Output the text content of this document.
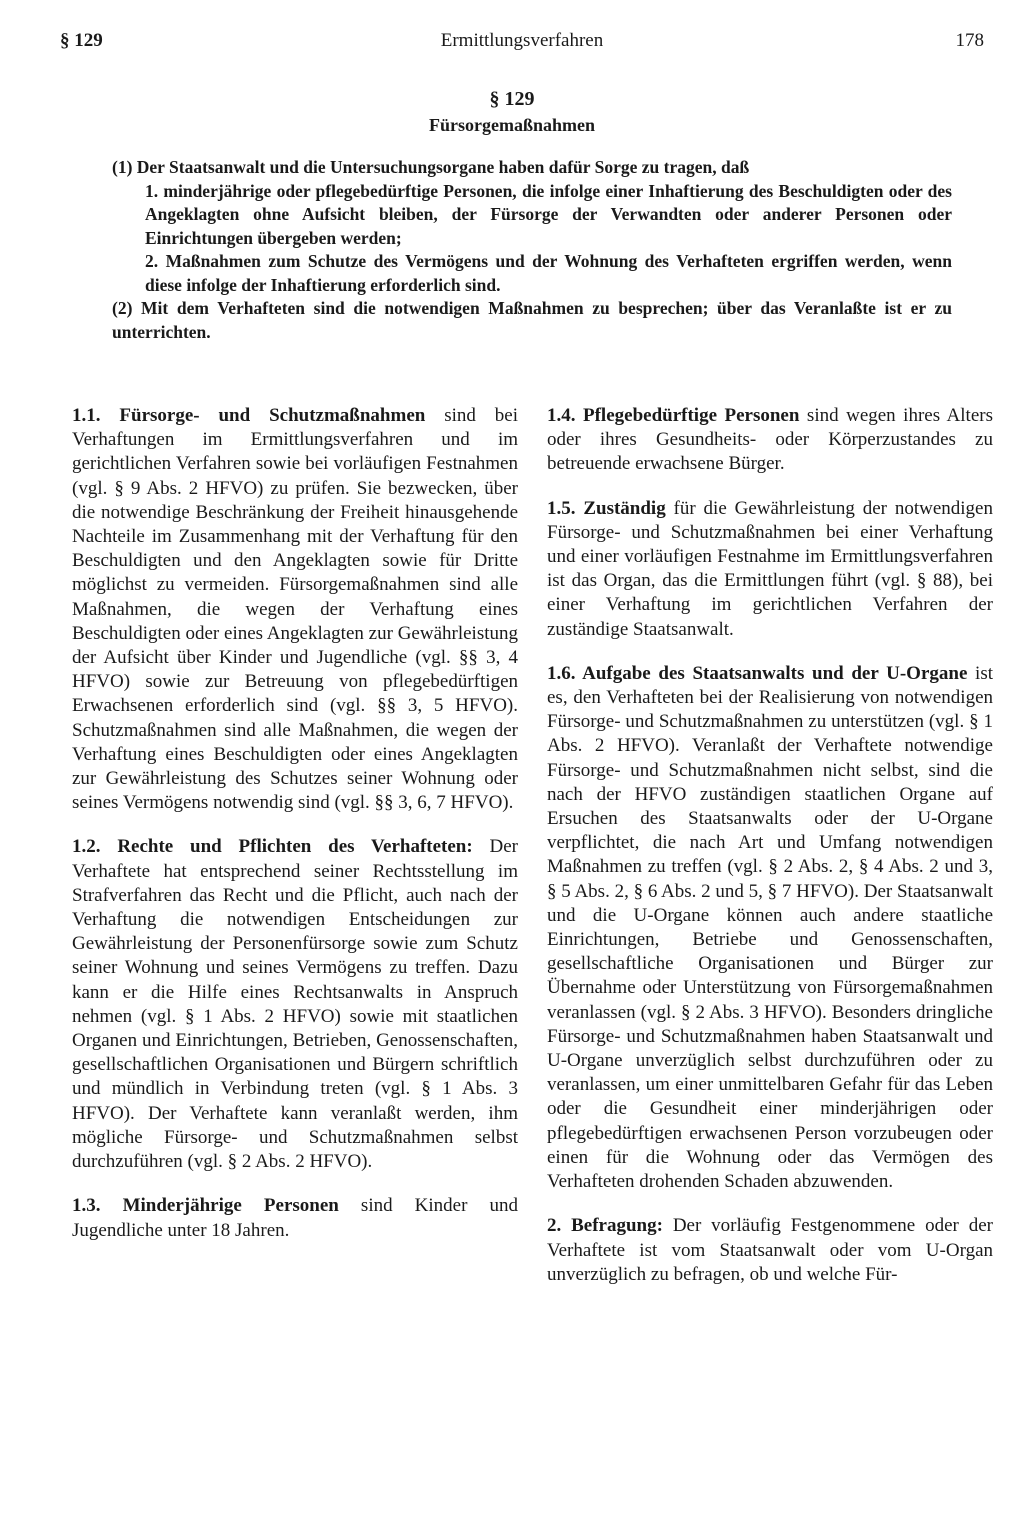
§ 129	Ermittlungsverfahren	178
§ 129
Fürsorgemaßnahmen

(1) Der Staatsanwalt und die Untersuchungsorgane haben dafür Sorge zu tragen, daß

1. minderjährige oder pflegebedürftige Personen, die infolge einer Inhaftierung des Beschuldigten oder des Angeklagten ohne Aufsicht bleiben, der Fürsorge der Verwandten oder anderer Personen oder Einrichtungen übergeben werden;

2. Maßnahmen zum Schutze des Vermögens und der Wohnung des Verhafteten ergriffen werden, wenn diese infolge der Inhaftierung erforderlich sind.

(2) Mit dem Verhafteten sind die notwendigen Maßnahmen zu besprechen; über das Veranlaßte ist er zu unterrichten.

1.1. Fürsorge- und Schutzmaßnahmen sind bei Verhaftungen im Ermittlungsverfahren und im gerichtlichen Verfahren sowie bei vorläufigen Festnahmen (vgl. § 9 Abs. 2 HFVO) zu prüfen. Sie bezwecken, über die notwendige Beschränkung der Freiheit hinausgehende Nachteile im Zusammenhang mit der Verhaftung für den Beschuldigten und den Angeklagten sowie für Dritte möglichst zu vermeiden. Fürsorgemaßnahmen sind alle Maßnahmen, die wegen der Verhaftung eines Beschuldigten oder eines Angeklagten zur Gewährleistung der Aufsicht über Kinder und Jugendliche (vgl. §§ 3, 4 HFVO) sowie zur Betreuung von pflegebedürftigen Erwachsenen erforderlich sind (vgl. §§ 3, 5 HFVO). Schutzmaßnahmen sind alle Maßnahmen, die wegen der Verhaftung eines Beschuldigten oder eines Angeklagten zur Gewährleistung des Schutzes seiner Wohnung oder seines Vermögens notwendig sind (vgl. §§ 3, 6, 7 HFVO).

1.2. Rechte und Pflichten des Verhafteten: Der Verhaftete hat entsprechend seiner Rechtsstellung im Strafverfahren das Recht und die Pflicht, auch nach der Verhaftung die notwendigen Entscheidungen zur Gewährleistung der Personenfürsorge sowie zum Schutz seiner Wohnung und seines Vermögens zu treffen. Dazu kann er die Hilfe eines Rechtsanwalts in Anspruch nehmen (vgl. § 1 Abs. 2 HFVO) sowie mit staatlichen Organen und Einrichtungen, Betrieben, Genossenschaften, gesellschaftlichen Organisationen und Bürgern schriftlich und mündlich in Verbindung treten (vgl. § 1 Abs. 3 HFVO). Der Verhaftete kann veranlaßt werden, ihm mögliche Fürsorge- und Schutzmaßnahmen selbst durchzuführen (vgl. § 2 Abs. 2 HFVO).

1.3. Minderjährige Personen sind Kinder und Jugendliche unter 18 Jahren.

1.4. Pflegebedürftige Personen sind wegen ihres Alters oder ihres Gesundheits- oder Körperzustandes zu betreuende erwachsene Bürger.

1.5. Zuständig für die Gewährleistung der notwendigen Fürsorge- und Schutzmaßnahmen bei einer Verhaftung und einer vorläufigen Festnahme im Ermittlungsverfahren ist das Organ, das die Ermittlungen führt (vgl. § 88), bei einer Verhaftung im gerichtlichen Verfahren der zuständige Staatsanwalt.

1.6. Aufgabe des Staatsanwalts und der U-Organe ist es, den Verhafteten bei der Realisierung von notwendigen Fürsorge- und Schutzmaßnahmen zu unterstützen (vgl. § 1 Abs. 2 HFVO). Veranlaßt der Verhaftete notwendige Fürsorge- und Schutzmaßnahmen nicht selbst, sind die nach der HFVO zuständigen staatlichen Organe auf Ersuchen des Staatsanwalts oder der U-Organe verpflichtet, die nach Art und Umfang notwendigen Maßnahmen zu treffen (vgl. § 2 Abs. 2, § 4 Abs. 2 und 3, § 5 Abs. 2, § 6 Abs. 2 und 5, § 7 HFVO). Der Staatsanwalt und die U-Organe können auch andere staatliche Einrichtungen, Betriebe und Genossenschaften, gesellschaftliche Organisationen und Bürger zur Übernahme oder Unterstützung von Fürsorgemaßnahmen veranlassen (vgl. § 2 Abs. 3 HFVO). Besonders dringliche Fürsorge- und Schutzmaßnahmen haben Staatsanwalt und U-Organe unverzüglich selbst durchzuführen oder zu veranlassen, um einer unmittelbaren Gefahr für das Leben oder die Gesundheit einer minderjährigen oder pflegebedürftigen erwachsenen Person vorzubeugen oder einen für die Wohnung oder das Vermögen des Verhafteten drohenden Schaden abzuwenden.

2. Befragung: Der vorläufig Festgenommene oder der Verhaftete ist vom Staatsanwalt oder vom U-Organ unverzüglich zu befragen, ob und welche Für-
